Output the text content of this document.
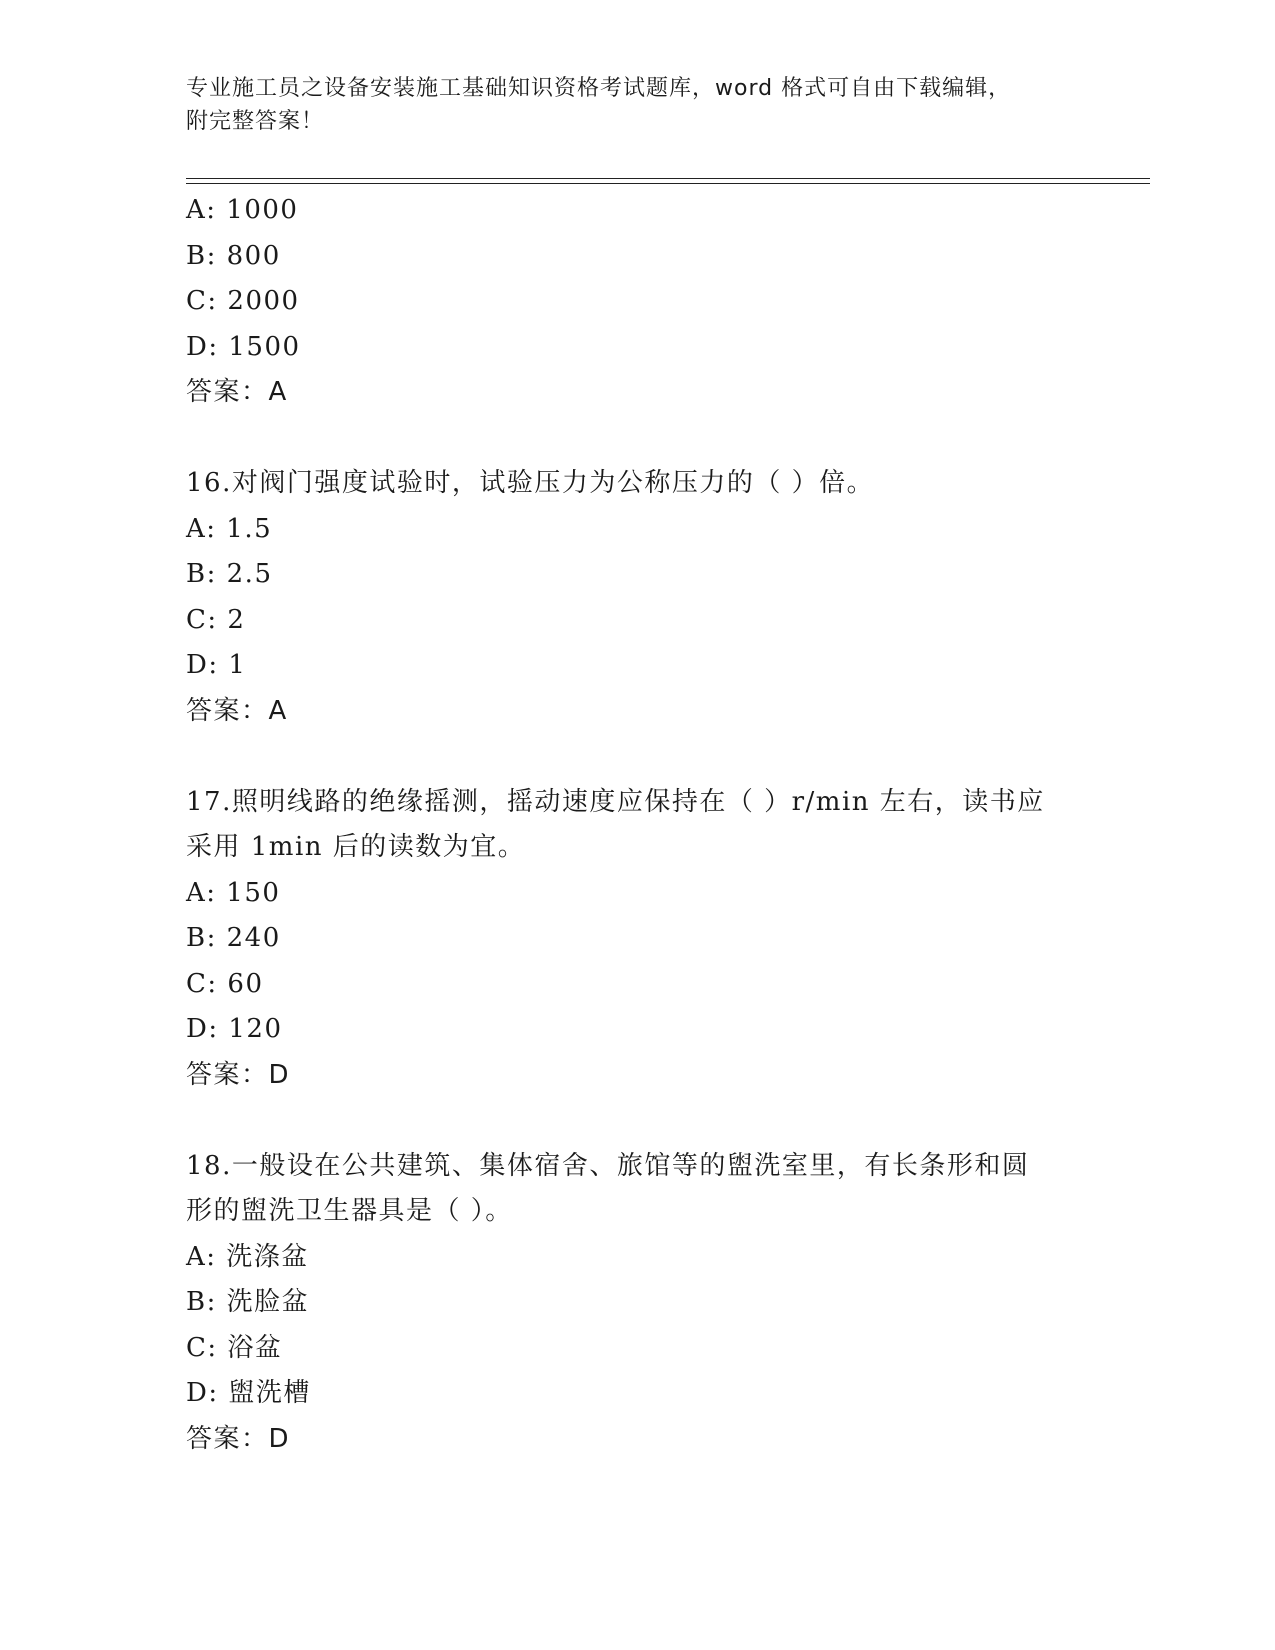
专业施工员之设备安装施工基础知识资格考试题库，word 格式可自由下载编辑，
附完整答案！
A: 1000
B: 800
C: 2000
D: 1500
答案：A
16.对阀门强度试验时，试验压力为公称压力的（ ）倍。
A: 1.5
B: 2.5
C: 2
D: 1
答案：A
17.照明线路的绝缘摇测，摇动速度应保持在（ ）r/min 左右，读书应
采用 1min 后的读数为宜。
A: 150
B: 240
C: 60
D: 120
答案：D
18.一般设在公共建筑、集体宿舍、旅馆等的盥洗室里，有长条形和圆
形的盥洗卫生器具是（ ）。
A: 洗涤盆
B: 洗脸盆
C: 浴盆
D: 盥洗槽
答案：D
